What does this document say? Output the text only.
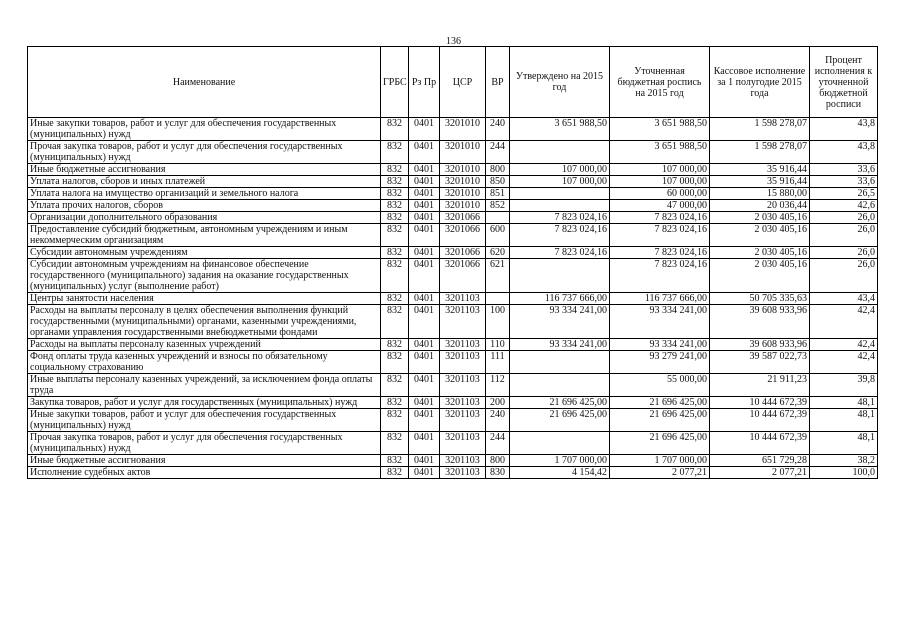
136
Наименование	ГРБС	Рз Пр	ЦСР	ВР	Утверждено на 2015 год	Уточненная бюджетная роспись на 2015 год	Кассовое исполнение за 1 полугодие 2015 года	Процент исполнения к уточненной бюджетной росписи
Иные закупки товаров, работ и услуг для обеспечения государственных (муниципальных) нужд	832	0401	3201010	240	3 651 988,50	3 651 988,50	1 598 278,07	43,8
Прочая закупка товаров, работ и услуг для обеспечения государственных (муниципальных) нужд	832	0401	3201010	244		3 651 988,50	1 598 278,07	43,8
Иные бюджетные ассигнования	832	0401	3201010	800	107 000,00	107 000,00	35 916,44	33,6
Уплата налогов, сборов и иных платежей	832	0401	3201010	850	107 000,00	107 000,00	35 916,44	33,6
Уплата налога на имущество организаций и земельного налога	832	0401	3201010	851		60 000,00	15 880,00	26,5
Уплата прочих налогов, сборов	832	0401	3201010	852		47 000,00	20 036,44	42,6
Организации дополнительного образования	832	0401	3201066		7 823 024,16	7 823 024,16	2 030 405,16	26,0
Предоставление субсидий бюджетным, автономным учреждениям и иным некоммерческим организациям	832	0401	3201066	600	7 823 024,16	7 823 024,16	2 030 405,16	26,0
Субсидии автономным учреждениям	832	0401	3201066	620	7 823 024,16	7 823 024,16	2 030 405,16	26,0
Субсидии автономным учреждениям на финансовое обеспечение государственного (муниципального) задания на оказание государственных (муниципальных) услуг (выполнение работ)	832	0401	3201066	621		7 823 024,16	2 030 405,16	26,0
Центры занятости населения	832	0401	3201103		116 737 666,00	116 737 666,00	50 705 335,63	43,4
Расходы на выплаты персоналу в целях обеспечения выполнения функций государственными (муниципальными) органами, казенными учреждениями, органами управления государственными внебюджетными фондами	832	0401	3201103	100	93 334 241,00	93 334 241,00	39 608 933,96	42,4
Расходы на выплаты персоналу казенных учреждений	832	0401	3201103	110	93 334 241,00	93 334 241,00	39 608 933,96	42,4
Фонд оплаты труда казенных учреждений и взносы по обязательному социальному страхованию	832	0401	3201103	111		93 279 241,00	39 587 022,73	42,4
Иные выплаты персоналу казенных учреждений, за исключением фонда оплаты труда	832	0401	3201103	112		55 000,00	21 911,23	39,8
Закупка товаров, работ и услуг для государственных (муниципальных) нужд	832	0401	3201103	200	21 696 425,00	21 696 425,00	10 444 672,39	48,1
Иные закупки товаров, работ и услуг для обеспечения государственных (муниципальных) нужд	832	0401	3201103	240	21 696 425,00	21 696 425,00	10 444 672,39	48,1
Прочая закупка товаров, работ и услуг для обеспечения государственных (муниципальных) нужд	832	0401	3201103	244		21 696 425,00	10 444 672,39	48,1
Иные бюджетные ассигнования	832	0401	3201103	800	1 707 000,00	1 707 000,00	651 729,28	38,2
Исполнение судебных актов	832	0401	3201103	830	4 154,42	2 077,21	2 077,21	100,0
